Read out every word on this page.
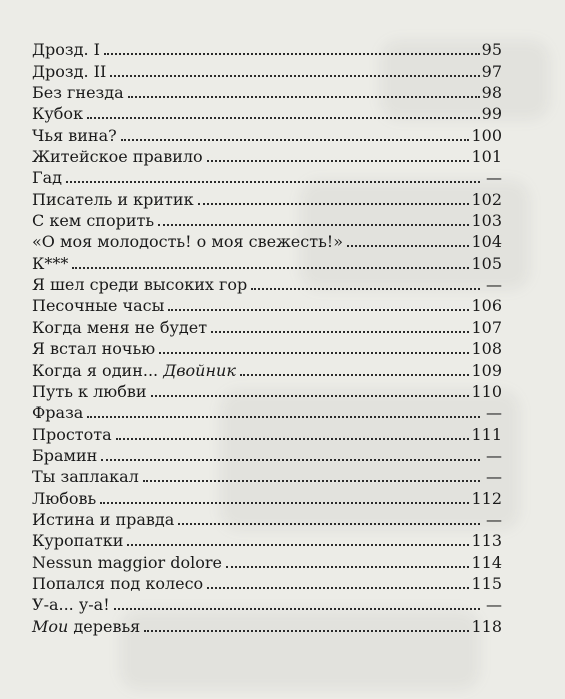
Дрозд. I	95
Дрозд. II	97
Без гнезда	98
Кубок	99
Чья вина?	100
Житейское правило	101
Гад	—
Писатель и критик	102
С кем спорить	103
«О моя молодость! о моя свежесть!»	104
К***	105
Я шел среди высоких гор	—
Песочные часы	106
Когда меня не будет	107
Я встал ночью	108
Когда я один... Двойник	109
Путь к любви	110
Фраза	—
Простота	111
Брамин	—
Ты заплакал	—
Любовь	112
Истина и правда	—
Куропатки	113
Nessun maggior dolore	114
Попался под колесо	115
У-а... у-а!	—
Мои деревья	118
